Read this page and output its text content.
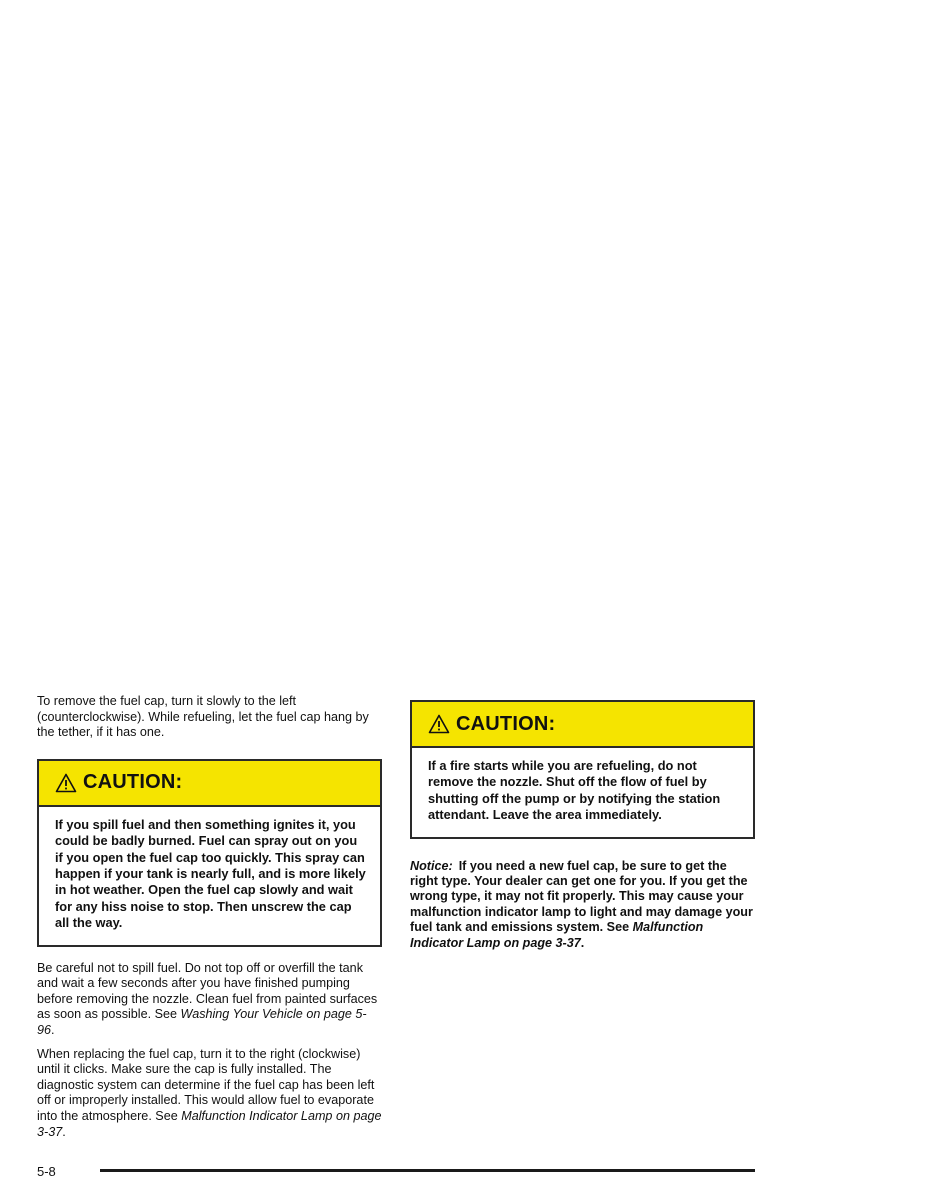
To remove the fuel cap, turn it slowly to the left (counterclockwise). While refueling, let the fuel cap hang by the tether, if it has one.

CAUTION:
If you spill fuel and then something ignites it, you could be badly burned. Fuel can spray out on you if you open the fuel cap too quickly. This spray can happen if your tank is nearly full, and is more likely in hot weather. Open the fuel cap slowly and wait for any hiss noise to stop. Then unscrew the cap all the way.

Be careful not to spill fuel. Do not top off or overfill the tank and wait a few seconds after you have finished pumping before removing the nozzle. Clean fuel from painted surfaces as soon as possible. See Washing Your Vehicle on page 5-96.

When replacing the fuel cap, turn it to the right (clockwise) until it clicks. Make sure the cap is fully installed. The diagnostic system can determine if the fuel cap has been left off or improperly installed. This would allow fuel to evaporate into the atmosphere. See Malfunction Indicator Lamp on page 3-37.

CAUTION:
If a fire starts while you are refueling, do not remove the nozzle. Shut off the flow of fuel by shutting off the pump or by notifying the station attendant. Leave the area immediately.

Notice: If you need a new fuel cap, be sure to get the right type. Your dealer can get one for you. If you get the wrong type, it may not fit properly. This may cause your malfunction indicator lamp to light and may damage your fuel tank and emissions system. See Malfunction Indicator Lamp on page 3-37.

5-8
